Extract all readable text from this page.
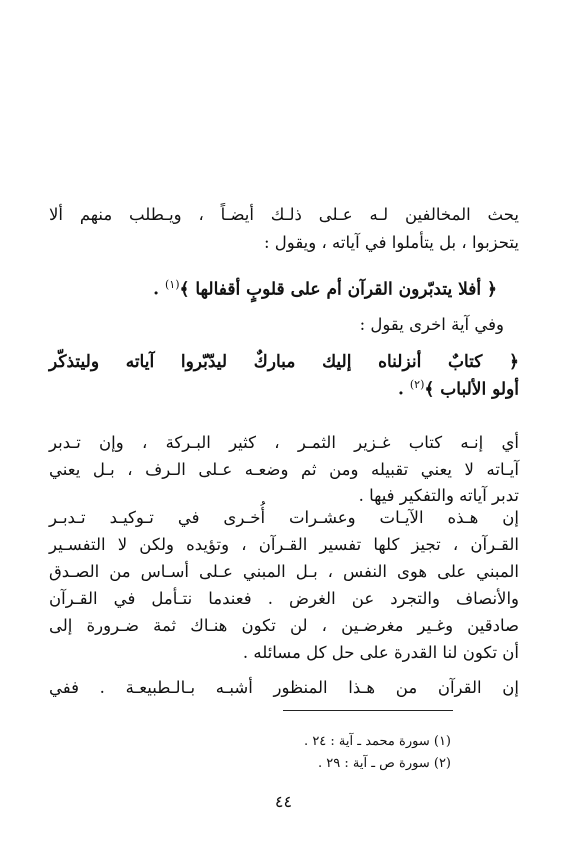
يحث المخالفين لـه عـلى ذلـك أيضـاً ، ويـطلب منهم ألا
يتحزبوا ، بل يتأملوا في آياته ، ويقول :
﴿ أفلا يتدبّرون القرآن أم على قلوبٍ أقفالها ﴾$^{(١)}$ .
وفي آية اخرى يقول :
﴿ كتابٌ أنزلناه إليك مباركٌ ليدّبّروا آياته وليتذكّر
أولو الألباب ﴾$^{(٢)}$ .
أي إنـه كتاب غـزير الثمـر ، كثير البـركة ، وإن تـدبر
آيـاته لا يعني تقبيله ومن ثم وضعـه عـلى الـرف ، بـل يعني
تدبر آياته والتفكير فيها .
إن هـذه الآيـات وعشـرات أُخـرى في تـوكيـد تـدبـر
القـرآن ، تجيز كلها تفسير القـرآن ، وتؤيده ولكن لا التفسـير
المبني على هوى النفس ، بـل المبني عـلى أسـاس من الصـدق
والأنصاف والتجرد عن الغرض . فعندما نتـأمل في القـرآن
صادقين وغـير مغرضـين ، لن تكون هنـاك ثمة ضـرورة إلى
أن تكون لنا القدرة على حل كل مسائله .
إن القرآن من هـذا المنظور أشبـه بـالـطبيعـة . ففي
(١) سورة محمد ـ آية : ٢٤ .
(٢) سورة ص ـ آية : ٢٩ .
٤٤
